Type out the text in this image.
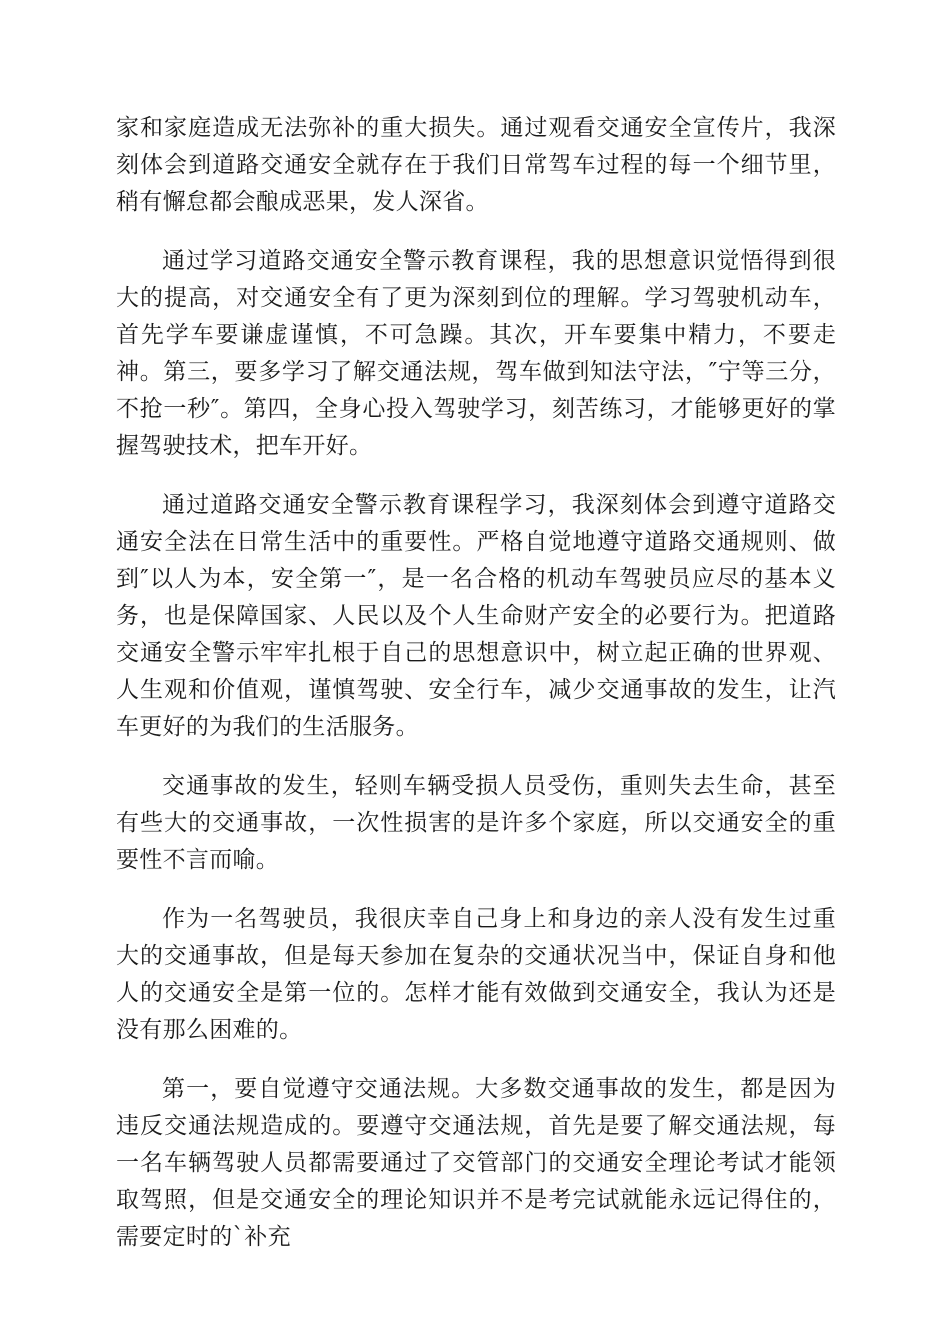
家和家庭造成无法弥补的重大损失。通过观看交通安全宣传片，我深刻体会到道路交通安全就存在于我们日常驾车过程的每一个细节里，稍有懈怠都会酿成恶果，发人深省。

通过学习道路交通安全警示教育课程，我的思想意识觉悟得到很大的提高，对交通安全有了更为深刻到位的理解。学习驾驶机动车，首先学车要谦虚谨慎，不可急躁。其次，开车要集中精力，不要走神。第三，要多学习了解交通法规，驾车做到知法守法，″宁等三分，不抢一秒″。第四，全身心投入驾驶学习，刻苦练习，才能够更好的掌握驾驶技术，把车开好。

通过道路交通安全警示教育课程学习，我深刻体会到遵守道路交通安全法在日常生活中的重要性。严格自觉地遵守道路交通规则、做到″以人为本，安全第一″，是一名合格的机动车驾驶员应尽的基本义务，也是保障国家、人民以及个人生命财产安全的必要行为。把道路交通安全警示牢牢扎根于自己的思想意识中，树立起正确的世界观、人生观和价值观，谨慎驾驶、安全行车，减少交通事故的发生，让汽车更好的为我们的生活服务。

交通事故的发生，轻则车辆受损人员受伤，重则失去生命，甚至有些大的交通事故，一次性损害的是许多个家庭，所以交通安全的重要性不言而喻。

作为一名驾驶员，我很庆幸自己身上和身边的亲人没有发生过重大的交通事故，但是每天参加在复杂的交通状况当中，保证自身和他人的交通安全是第一位的。怎样才能有效做到交通安全，我认为还是没有那么困难的。

第一，要自觉遵守交通法规。大多数交通事故的发生，都是因为违反交通法规造成的。要遵守交通法规，首先是要了解交通法规，每一名车辆驾驶人员都需要通过了交管部门的交通安全理论考试才能领取驾照，但是交通安全的理论知识并不是考完试就能永远记得住的，需要定时的`补充
